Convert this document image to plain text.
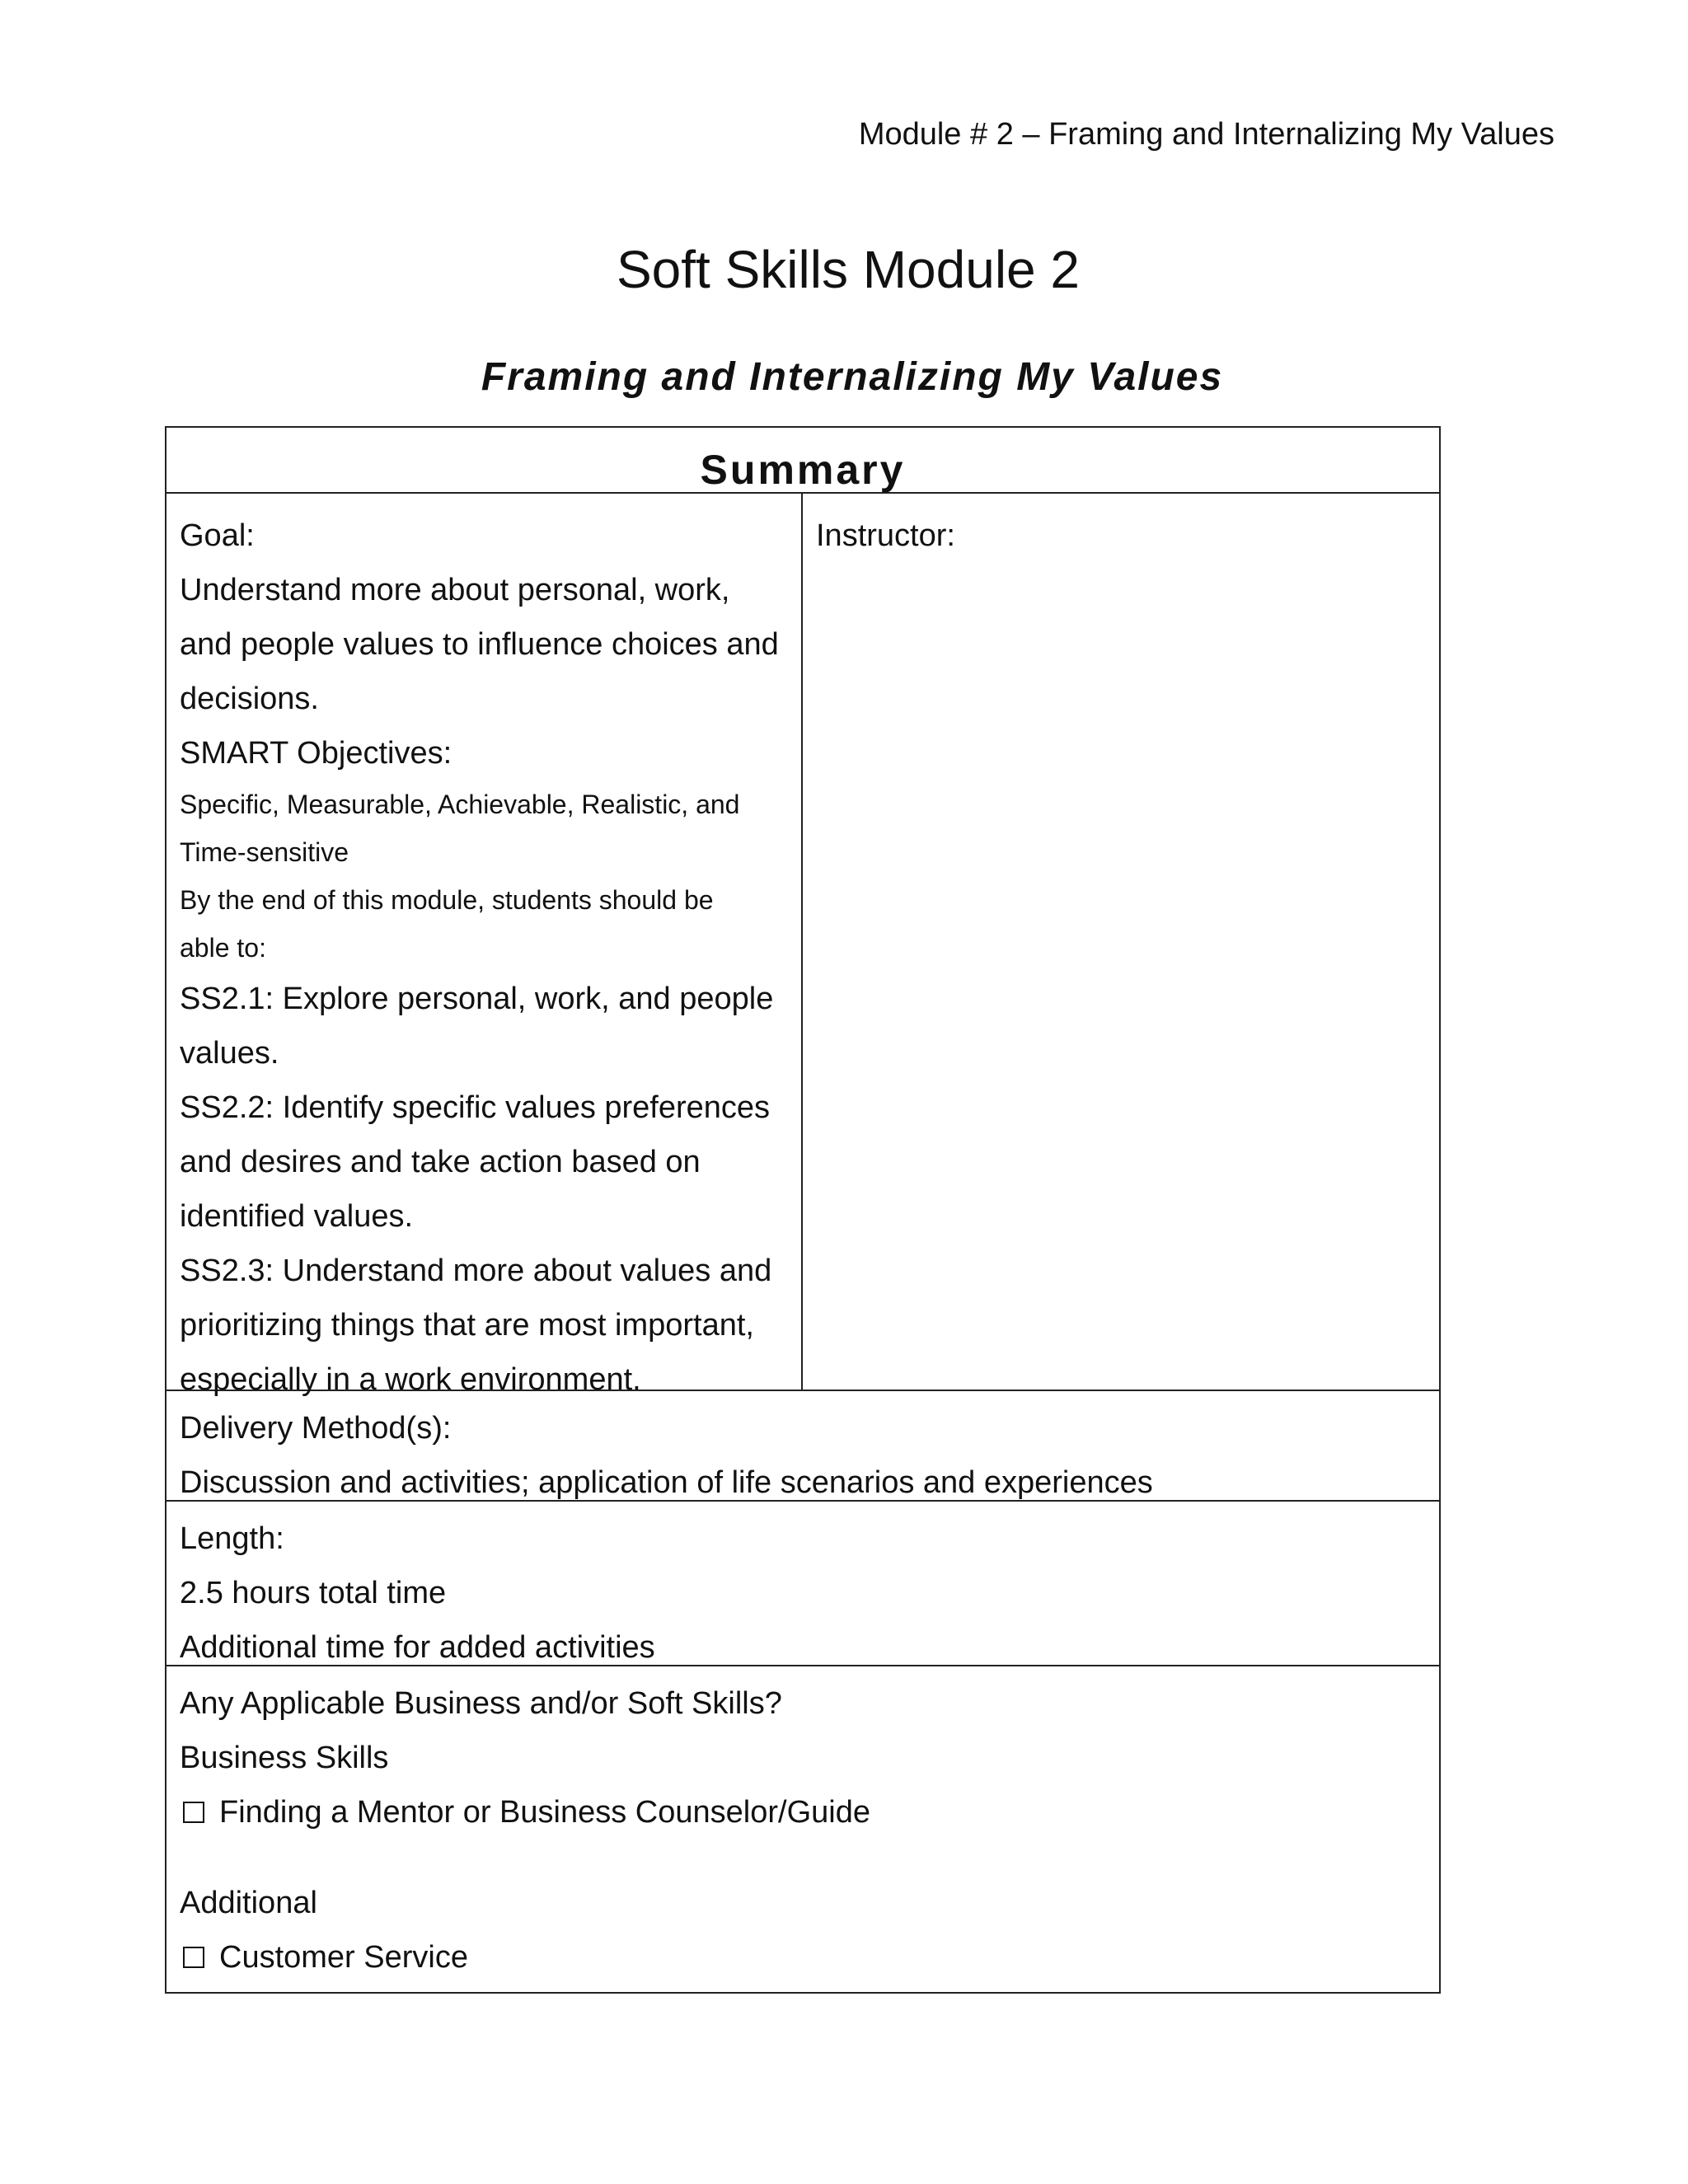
Module # 2 – Framing and Internalizing My Values
Soft Skills Module 2
Framing and Internalizing My Values
Summary
Goal:
Understand more about personal, work,
and people values to influence choices and
decisions.
SMART Objectives:
Specific, Measurable, Achievable, Realistic, and
Time-sensitive
By the end of this module, students should be
able to:
SS2.1: Explore personal, work, and people
values.
SS2.2: Identify specific values preferences
and desires and take action based on
identified values.
SS2.3: Understand more about values and
prioritizing things that are most important,
especially in a work environment.
Instructor:
Delivery Method(s):
Discussion and activities; application of life scenarios and experiences
Length:
2.5 hours total time
Additional time for added activities
Any Applicable Business and/or Soft Skills?
Business Skills
Finding a Mentor or Business Counselor/Guide
Additional
Customer Service
